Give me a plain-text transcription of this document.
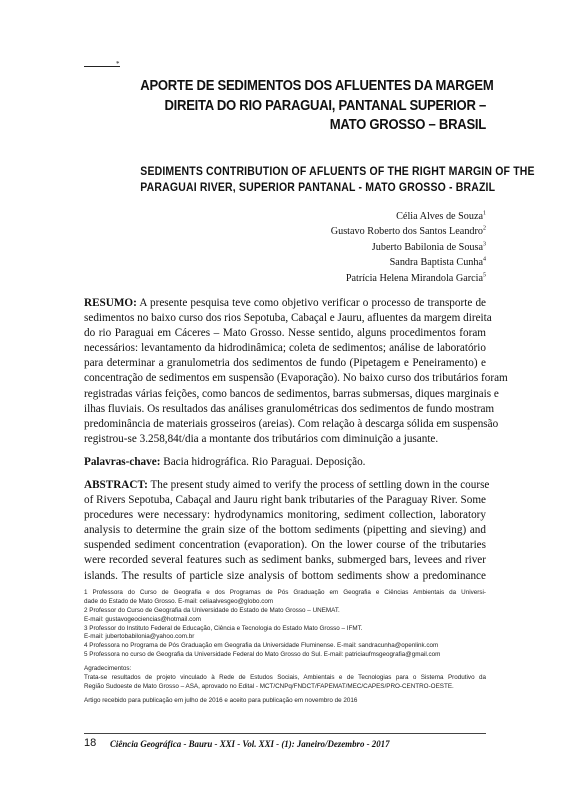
*
APORTE DE SEDIMENTOS DOS AFLUENTES DA MARGEM
DIREITA DO RIO PARAGUAI, PANTANAL SUPERIOR –
MATO GROSSO – BRASIL
SEDIMENTS CONTRIBUTION OF AFLUENTS OF THE RIGHT MARGIN OF THE
PARAGUAI RIVER, SUPERIOR PANTANAL - MATO GROSSO - BRAZIL
Célia Alves de Souza$^1$
Gustavo Roberto dos Santos Leandro$^2$
Juberto Babilonia de Sousa$^3$
Sandra Baptista Cunha$^4$
Patrícia Helena Mirandola Garcia$^5$
RESUMO: A presente pesquisa teve como objetivo verificar o processo de transporte de
sedimentos no baixo curso dos rios Sepotuba, Cabaçal e Jauru, afluentes da margem direita
do rio Paraguai em Cáceres – Mato Grosso. Nesse sentido, alguns procedimentos foram
necessários: levantamento da hidrodinâmica; coleta de sedimentos; análise de laboratório
para determinar a granulometria dos sedimentos de fundo (Pipetagem e Peneiramento) e
concentração de sedimentos em suspensão (Evaporação). No baixo curso dos tributários foram
registradas várias feições, como bancos de sedimentos, barras submersas, diques marginais e
ilhas fluviais. Os resultados das análises granulométricas dos sedimentos de fundo mostram
predominância de materiais grosseiros (areias). Com relação à descarga sólida em suspensão
registrou-se 3.258,84t/dia a montante dos tributários com diminuição a jusante.
Palavras-chave: Bacia hidrográfica. Rio Paraguai. Deposição.
ABSTRACT: The present study aimed to verify the process of settling down in the course
of Rivers Sepotuba, Cabaçal and Jauru right bank tributaries of the Paraguay River. Some
procedures were necessary: hydrodynamics monitoring, sediment collection, laboratory
analysis to determine the grain size of the bottom sediments (pipetting and sieving) and
suspended sediment concentration (evaporation). On the lower course of the tributaries
were recorded several features such as sediment banks, submerged bars, levees and river
islands. The results of particle size analysis of bottom sediments show a predominance
1 Professora do Curso de Geografia e dos Programas de Pós Graduação em Geografia e Ciências Ambientais da Universi-
dade do Estado de Mato Grosso. E-mail: celiaalvesgeo@globo.com
2 Professor do Curso de Geografia da Universidade do Estado de Mato Grosso – UNEMAT.
E-mail: gustavogeociencias@hotmail.com
3 Professor do Instituto Federal de Educação, Ciência e Tecnologia do Estado Mato Grosso – IFMT.
E-mail: jubertobabilonia@yahoo.com.br
4 Professora no Programa de Pós Graduação em Geografia da Universidade Fluminense. E-mail: sandracunha@openlink.com
5 Professora no curso de Geografia da Universidade Federal do Mato Grosso do Sul. E-mail: patriciaufmsgeografia@gmail.com
Agradecimentos:
Trata-se resultados de projeto vinculado à Rede de Estudos Sociais, Ambientais e de Tecnologias para o Sistema Produtivo da
Região Sudoeste de Mato Grosso – ASA, aprovado no Edital - MCT/CNPq/FNDCT/FAPEMAT/MEC/CAPES/PRO-CENTRO-OESTE.
Artigo recebido para publicação em julho de 2016 e aceito para publicação em novembro de 2016
18 Ciência Geográfica - Bauru - XXI - Vol. XXI - (1): Janeiro/Dezembro - 2017
